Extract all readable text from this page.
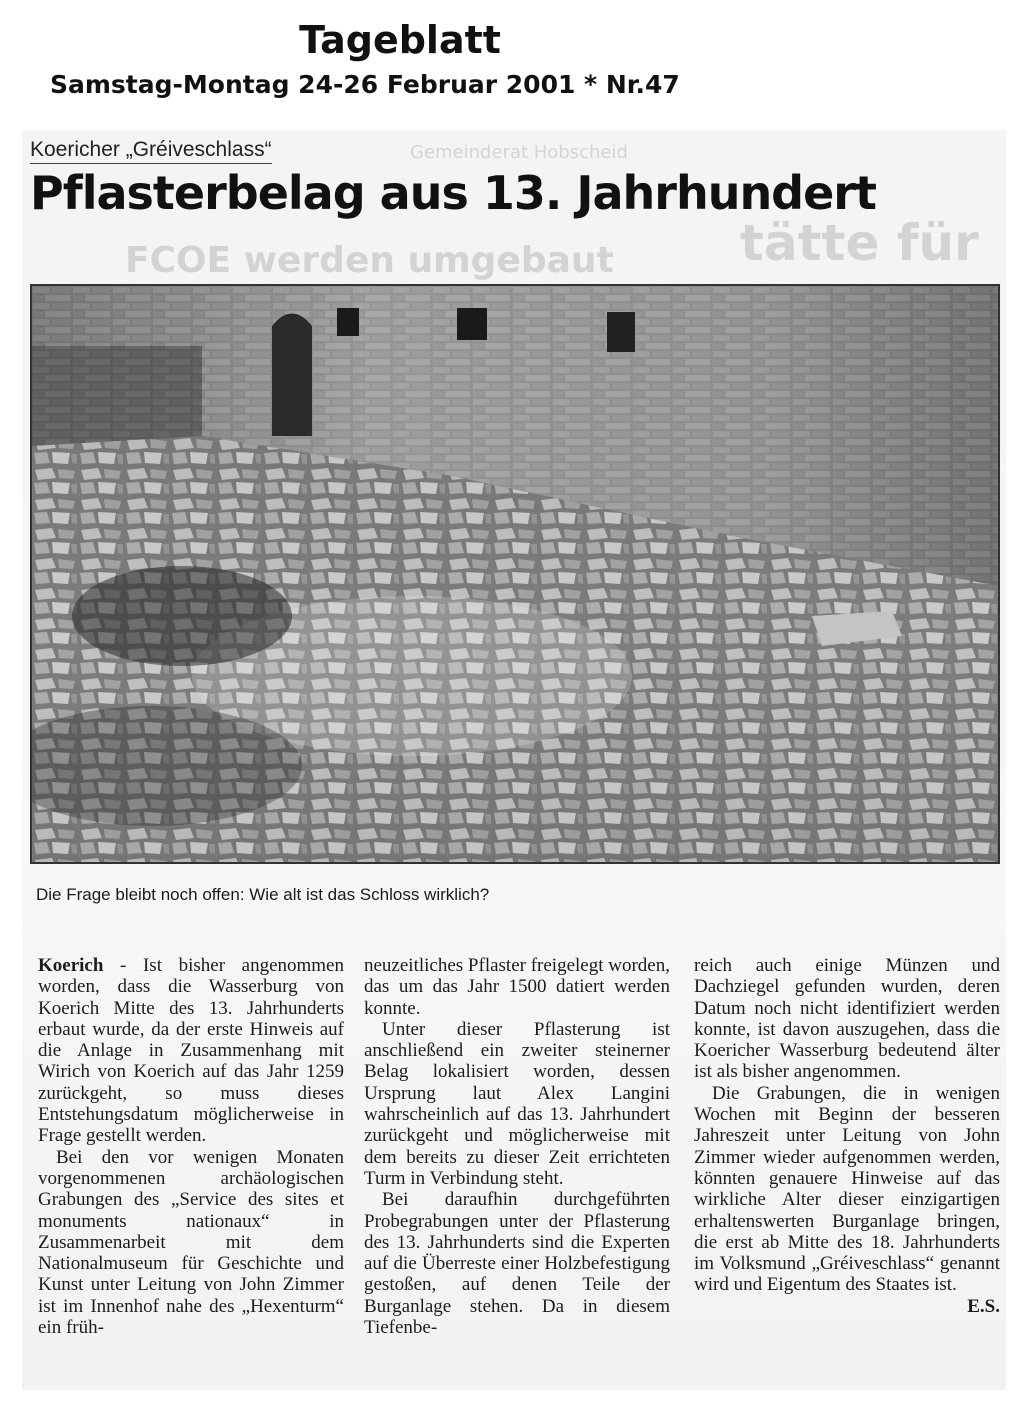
Tageblatt
Samstag-Montag 24-26 Februar 2001 * Nr.47
Gemeinderat Hobscheid
tätte für
FCOE werden umgebaut
Koericher „Gréiveschlass“
Pflasterbelag aus 13. Jahrhundert
Die Frage bleibt noch offen: Wie alt ist das Schloss wirklich?

Koerich - Ist bisher angenommen worden, dass die Wasserburg von Koerich Mitte des 13. Jahrhunderts erbaut wurde, da der erste Hinweis auf die Anlage in Zusammenhang mit Wirich von Koerich auf das Jahr 1259 zurückgeht, so muss dieses Entstehungsdatum möglicherweise in Frage gestellt werden.

Bei den vor wenigen Monaten vorgenommenen archäologischen Grabungen des „Service des sites et monuments nationaux“ in Zusammenarbeit mit dem Nationalmuseum für Geschichte und Kunst unter Leitung von John Zimmer ist im Innenhof nahe des „Hexenturm“ ein früh-

neuzeitliches Pflaster freigelegt worden, das um das Jahr 1500 datiert werden konnte.

Unter dieser Pflasterung ist anschließend ein zweiter steinerner Belag lokalisiert worden, dessen Ursprung laut Alex Langini wahrscheinlich auf das 13. Jahrhundert zurückgeht und möglicherweise mit dem bereits zu dieser Zeit errichteten Turm in Verbindung steht.

Bei daraufhin durchgeführten Probegrabungen unter der Pflasterung des 13. Jahrhunderts sind die Experten auf die Überreste einer Holzbefestigung gestoßen, auf denen Teile der Burganlage stehen. Da in diesem Tiefenbe-

reich auch einige Münzen und Dachziegel gefunden wurden, deren Datum noch nicht identifiziert werden konnte, ist davon auszugehen, dass die Koericher Wasserburg bedeutend älter ist als bisher angenommen.

Die Grabungen, die in wenigen Wochen mit Beginn der besseren Jahreszeit unter Leitung von John Zimmer wieder aufgenommen werden, könnten genauere Hinweise auf das wirkliche Alter dieser einzigartigen erhaltenswerten Burganlage bringen, die erst ab Mitte des 18. Jahrhunderts im Volksmund „Gréiveschlass“ genannt wird und Eigentum des Staates ist.
E.S.
